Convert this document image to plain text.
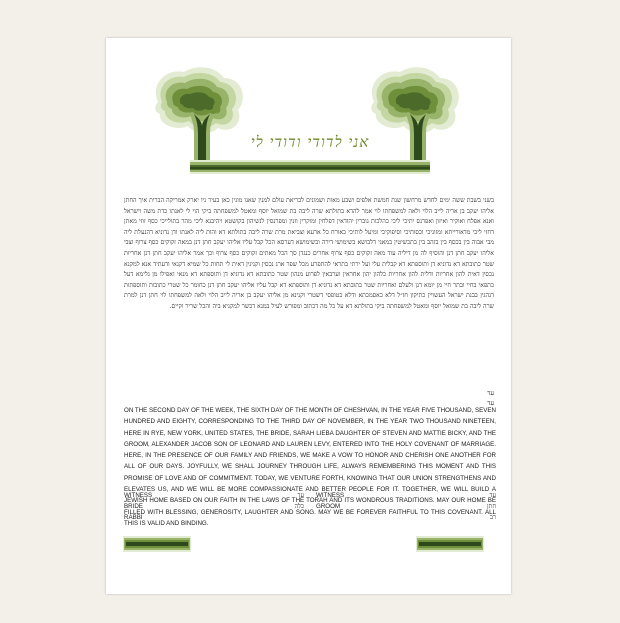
אני לדודי ודודי לי
בשני בשבת ששה ימים לחדש מרחשון שנת חמשת אלפים ושבע מאות ושמונים לבריאת עולם למנין שאנו מונין כאן בעיר ניו יארק אמריקה הברית איך החתן אליהו יעקב בן אריה לייב הלוי ולאה למשפחתו לוי אמר להדא בתולתא שרה ליבה בת שמואל יוסף ומאטל למשפחתה ביקי הוי לי לאנתו כדת משה וישראל ואנא אפלח ואוקיר ואיזון ואפרנס יתיכי ליכי כהלכות גוברין יהודאין דפלחין ומוקרין וזנין ומפרנסין לנשיהון בקושטא ויהיבנא ליכי מהר בתולייכי כסף זוזי מאתן דחזי ליכי מדאורייתא ומזוניכי וכסותיכי וסיפוקיכי ומיעל לותיכי כאורח כל ארעא וצביאת מרת שרה ליבה בתולתא דא והות ליה לאנתו ודן נדוניא דהנעלת ליה מבי אבוה בין בכסף בין בזהב בין בתכשיטין במאני דלבושא בשימושי דירה ובשימושא דערסא הכל קבל עליו אליהו יעקב חתן דנן במאה זקוקים כסף צרוף וצבי אליהו יעקב חתן דנן והוסיף לה מן דיליה עוד מאה זקוקים כסף צרוף אחרים כנגדן סך הכל מאתים זקוקים כסף צרוף וכך אמר אליהו יעקב חתן דנן אחריות שטר כתובתא דא נדוניא דן ותוספתא דא קבלית עלי ועל ירתי בתראי להתפרע מכל שפר ארג נכסין וקנינין דאית לי תחות כל שמיא דקנאי ודעתיד אנא למקנא נכסין דאית להון אחריות ודלית להון אחריות כלהון יהון אחראין וערבאין לפרוע מנהון שטר כתובתא דא נדוניא דן ותוספתא דא מנאי ואפילו מן גלימא דעל כתפאי בחיי ובתר חיי מן יומא דנן ולעלם ואחריות שטר כתובתא דא נדוניא דן ותוספתא דא קבל עליו אליהו יעקב חתן דנן כחומר כל שטרי כתובות ותוספתות דנהגין בבנת ישראל העשויין כתיקון חז״ל דלא כאסמכתא ודלא כטופסי דשטרי וקנינא מן אליהו יעקב בן אריה לייב הלוי ולאה למשפחתו לוי חתן דנן למרת שרה ליבה בת שמואל יוסף ומאטל למשפחתה ביקי בתולתא דא על כל מה דכתוב ומפורש לעיל במנא דכשר למקניא ביה והכל שריר וקיים.
עד
עד
ON THE SECOND DAY OF THE WEEK, THE SIXTH DAY OF THE MONTH OF CHESHVAN, IN THE YEAR FIVE THOUSAND, SEVEN HUNDRED AND EIGHTY, CORRESPONDING TO THE THIRD DAY OF NOVEMBER, IN THE YEAR TWO THOUSAND NINETEEN, HERE IN RYE, NEW YORK, UNITED STATES, THE BRIDE, SARAH LIEBA DAUGHTER OF STEVEN AND MATTIE BICKY, AND THE GROOM, ALEXANDER JACOB SON OF LEONARD AND LAUREN LEVY, ENTERED INTO THE HOLY COVENANT OF MARRIAGE. HERE, IN THE PRESENCE OF OUR FAMILY AND FRIENDS, WE MAKE A VOW TO HONOR AND CHERISH ONE ANOTHER FOR ALL OF OUR DAYS. JOYFULLY, WE SHALL JOURNEY THROUGH LIFE, ALWAYS REMEMBERING THIS MOMENT AND THIS PROMISE OF LOVE AND OF COMMITMENT. TODAY, WE VENTURE FORTH, KNOWING THAT OUR UNION STRENGTHENS AND ELEVATES US, AND WE WILL BE MORE COMPASSIONATE AND BETTER PEOPLE FOR IT. TOGETHER, WE WILL BUILD A JEWISH HOME BASED ON OUR FAITH IN THE LAWS OF THE TORAH AND ITS WONDROUS TRADITIONS. MAY OUR HOME BE FILLED WITH BLESSING, GENEROSITY, LAUGHTER AND SONG. MAY WE BE FOREVER FAITHFUL TO THIS COVENANT. ALL THIS IS VALID AND BINDING.
WITNESS	עד WITNESS	עד
BRIDE	כלה GROOM	חתן
RABBI	רב
